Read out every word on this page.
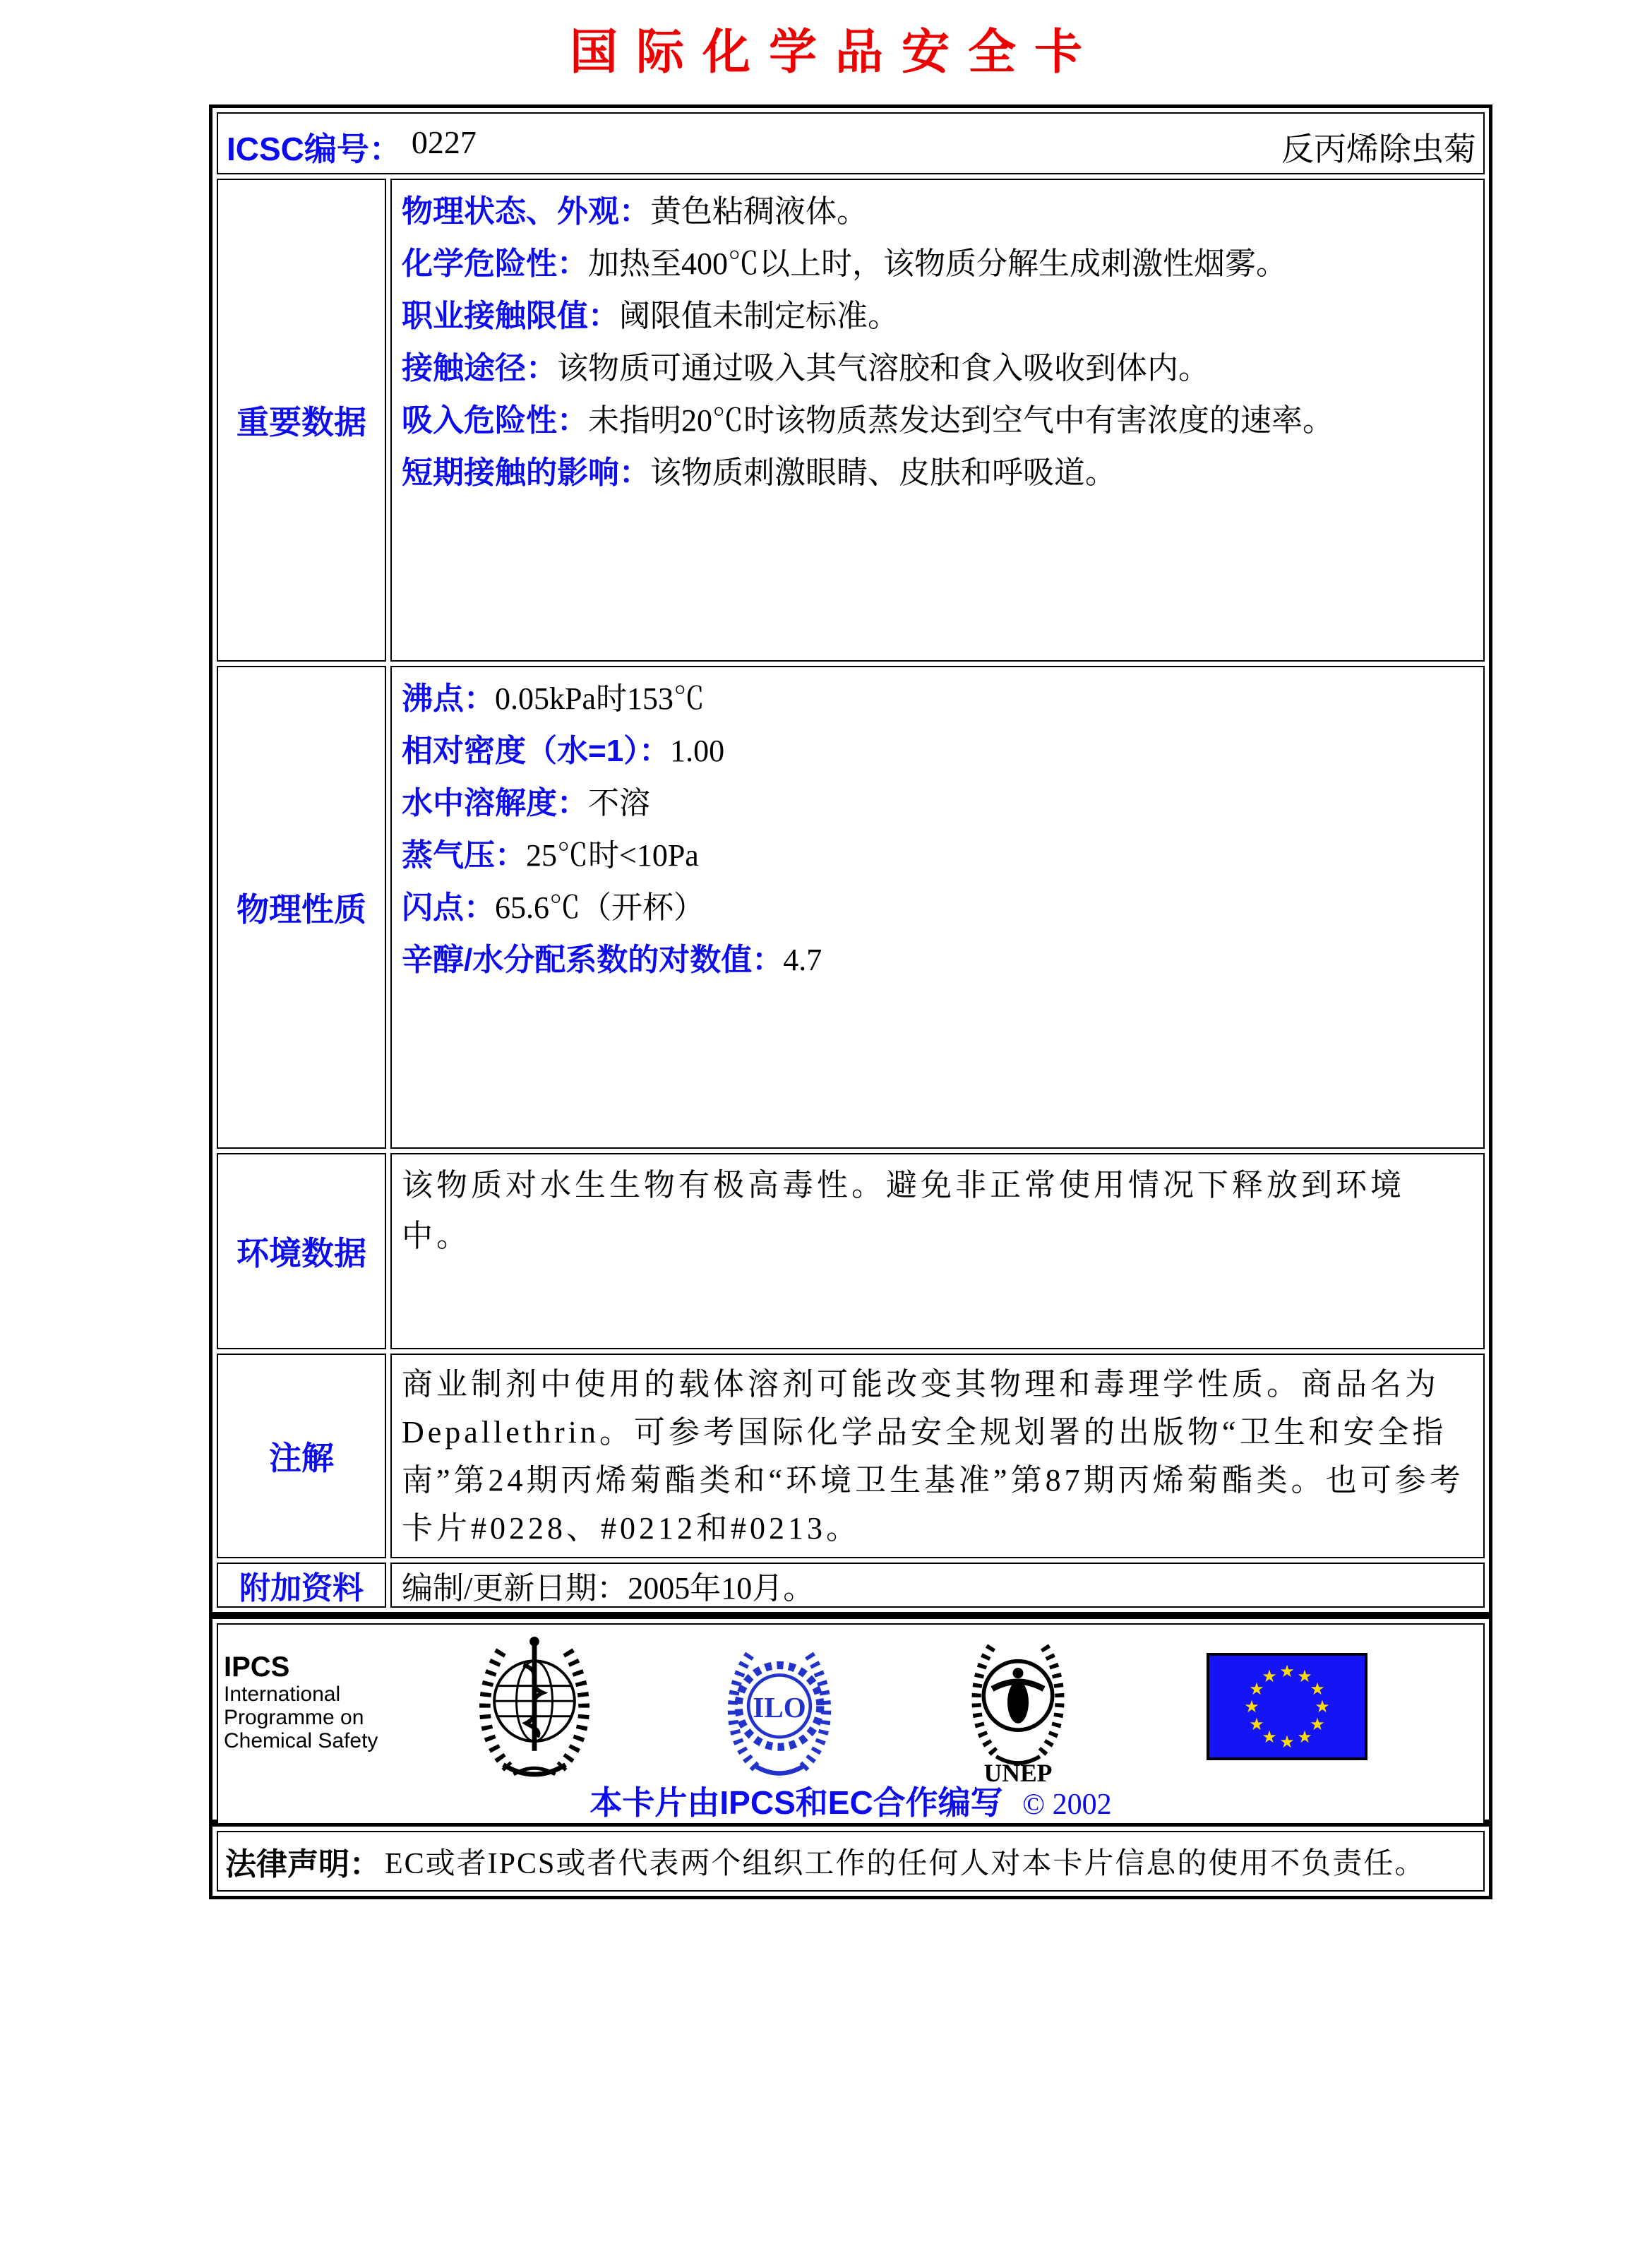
国际化学品安全卡
ICSC编号： 0227	反丙烯除虫菊
重要数据
物理状态、外观：黄色粘稠液体。
化学危险性：加热至400℃以上时，该物质分解生成刺激性烟雾。
职业接触限值：阈限值未制定标准。
接触途径：该物质可通过吸入其气溶胶和食入吸收到体内。
吸入危险性：未指明20℃时该物质蒸发达到空气中有害浓度的速率。
短期接触的影响：该物质刺激眼睛、皮肤和呼吸道。
物理性质
沸点：0.05kPa时153℃
相对密度（水=1）：1.00
水中溶解度：不溶
蒸气压：25℃时<10Pa
闪点：65.6℃（开杯）
辛醇/水分配系数的对数值：4.7
环境数据
该物质对水生生物有极高毒性。避免非正常使用情况下释放到环境中。
注解
商业制剂中使用的载体溶剂可能改变其物理和毒理学性质。商品名为Depallethrin。可参考国际化学品安全规划署的出版物“卫生和安全指南”第24期丙烯菊酯类和“环境卫生基准”第87期丙烯菊酯类。也可参考卡片#0228、#0212和#0213。
附加资料 编制/更新日期：2005年10月。
IPCS
International
Programme on
Chemical Safety
ILO
UNEP
★ ★
★
★
★
★
★
★
★
★
★
★
本卡片由IPCS和EC合作编写 © 2002
法律声明： EC或者IPCS或者代表两个组织工作的任何人对本卡片信息的使用不负责任。
